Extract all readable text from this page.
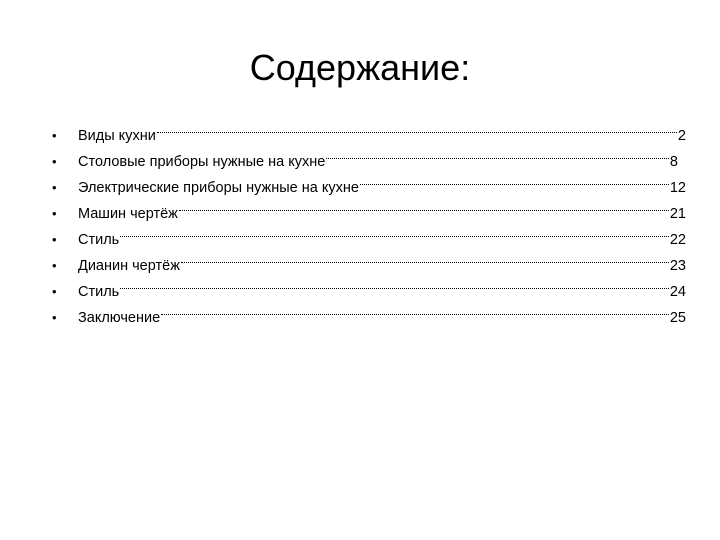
Содержание:
•	Виды кухни	2
•	Столовые приборы нужные на кухне	8
•	Электрические приборы нужные на кухне	12
•	Машин чертёж	21
•	Стиль	22
•	Дианин чертёж	23
•	Стиль	24
•	Заключение	25
